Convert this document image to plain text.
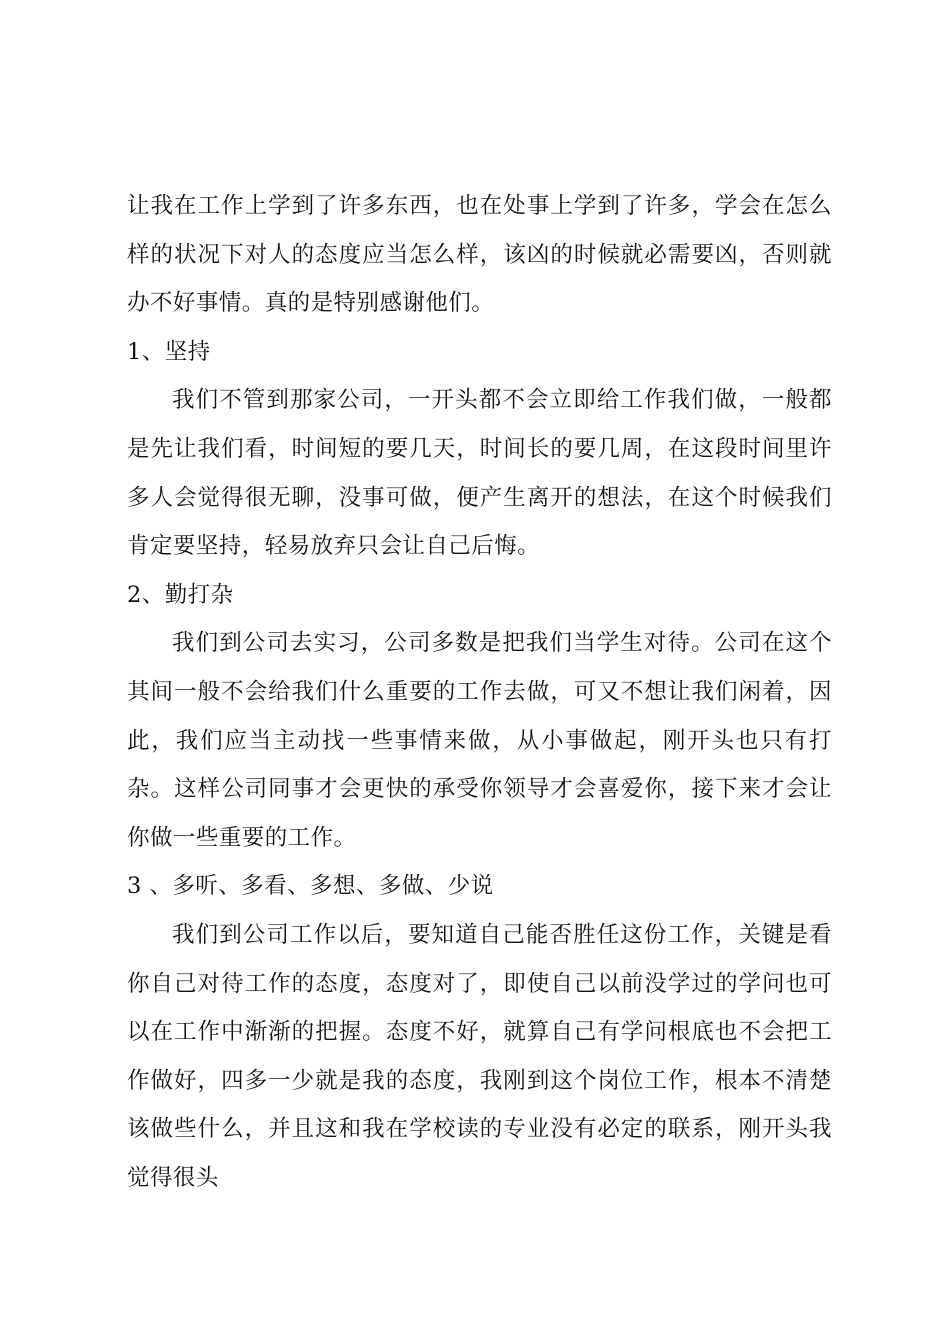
让我在工作上学到了许多东西，也在处事上学到了许多，学会在怎么样的状况下对人的态度应当怎么样，该凶的时候就必需要凶，否则就办不好事情。真的是特别感谢他们。

1、坚持

我们不管到那家公司，一开头都不会立即给工作我们做，一般都是先让我们看，时间短的要几天，时间长的要几周，在这段时间里许多人会觉得很无聊，没事可做，便产生离开的想法，在这个时候我们肯定要坚持，轻易放弃只会让自己后悔。

2、勤打杂

我们到公司去实习，公司多数是把我们当学生对待。公司在这个其间一般不会给我们什么重要的工作去做，可又不想让我们闲着，因此，我们应当主动找一些事情来做，从小事做起，刚开头也只有打杂。这样公司同事才会更快的承受你领导才会喜爱你，接下来才会让你做一些重要的工作。

3 、多听、多看、多想、多做、少说

我们到公司工作以后，要知道自己能否胜任这份工作，关键是看你自己对待工作的态度，态度对了，即使自己以前没学过的学问也可以在工作中渐渐的把握。态度不好，就算自己有学问根底也不会把工作做好，四多一少就是我的态度，我刚到这个岗位工作，根本不清楚该做些什么，并且这和我在学校读的专业没有必定的联系，刚开头我觉得很头
